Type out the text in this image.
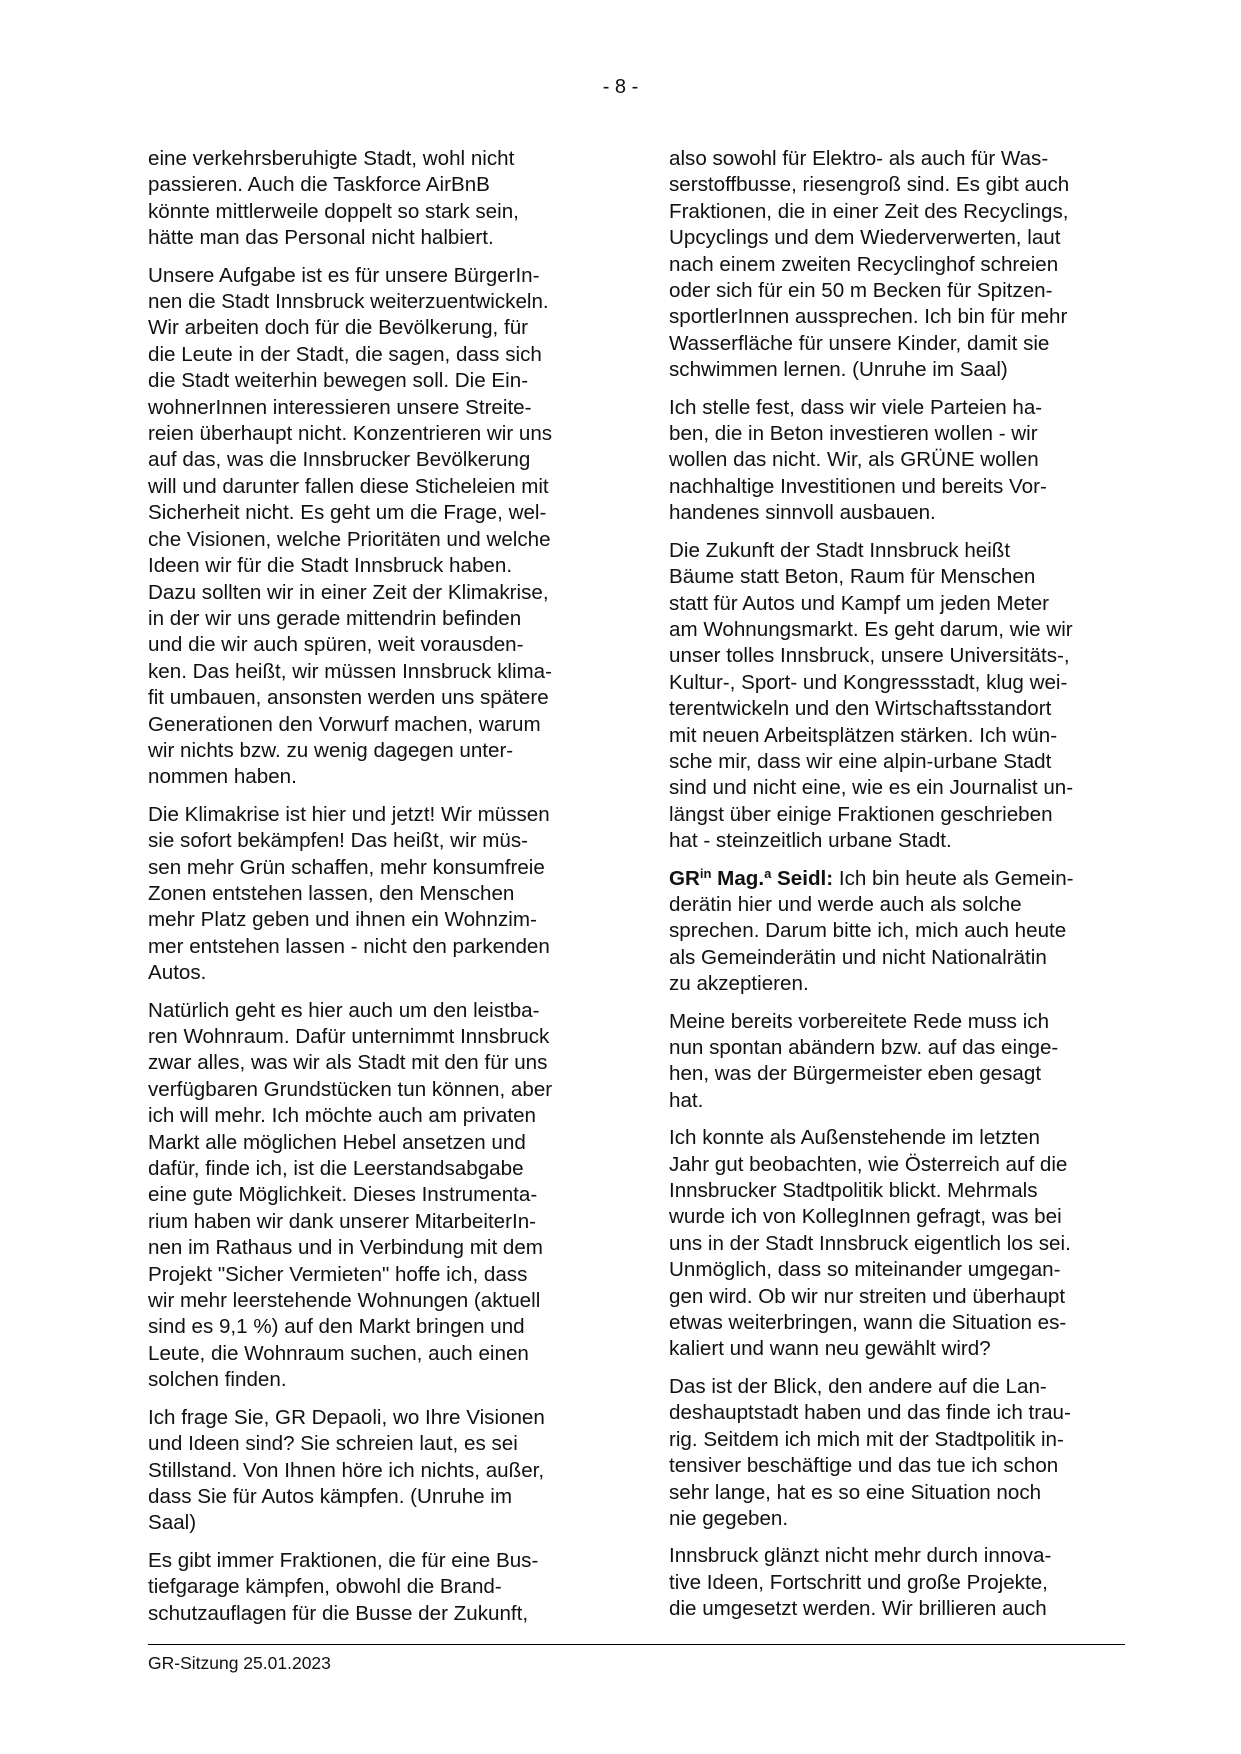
- 8 -

eine verkehrsberuhigte Stadt, wohl nicht
passieren. Auch die Taskforce AirBnB
könnte mittlerweile doppelt so stark sein,
hätte man das Personal nicht halbiert.

Unsere Aufgabe ist es für unsere BürgerIn-
nen die Stadt Innsbruck weiterzuentwickeln.
Wir arbeiten doch für die Bevölkerung, für
die Leute in der Stadt, die sagen, dass sich
die Stadt weiterhin bewegen soll. Die Ein-
wohnerInnen interessieren unsere Streite-
reien überhaupt nicht. Konzentrieren wir uns
auf das, was die Innsbrucker Bevölkerung
will und darunter fallen diese Sticheleien mit
Sicherheit nicht. Es geht um die Frage, wel-
che Visionen, welche Prioritäten und welche
Ideen wir für die Stadt Innsbruck haben.
Dazu sollten wir in einer Zeit der Klimakrise,
in der wir uns gerade mittendrin befinden
und die wir auch spüren, weit vorausden-
ken. Das heißt, wir müssen Innsbruck klima-
fit umbauen, ansonsten werden uns spätere
Generationen den Vorwurf machen, warum
wir nichts bzw. zu wenig dagegen unter-
nommen haben.

Die Klimakrise ist hier und jetzt! Wir müssen
sie sofort bekämpfen! Das heißt, wir müs-
sen mehr Grün schaffen, mehr konsumfreie
Zonen entstehen lassen, den Menschen
mehr Platz geben und ihnen ein Wohnzim-
mer entstehen lassen - nicht den parkenden
Autos.

Natürlich geht es hier auch um den leistba-
ren Wohnraum. Dafür unternimmt Innsbruck
zwar alles, was wir als Stadt mit den für uns
verfügbaren Grundstücken tun können, aber
ich will mehr. Ich möchte auch am privaten
Markt alle möglichen Hebel ansetzen und
dafür, finde ich, ist die Leerstandsabgabe
eine gute Möglichkeit. Dieses Instrumenta-
rium haben wir dank unserer MitarbeiterIn-
nen im Rathaus und in Verbindung mit dem
Projekt "Sicher Vermieten" hoffe ich, dass
wir mehr leerstehende Wohnungen (aktuell
sind es 9,1 %) auf den Markt bringen und
Leute, die Wohnraum suchen, auch einen
solchen finden.

Ich frage Sie, GR Depaoli, wo Ihre Visionen
und Ideen sind? Sie schreien laut, es sei
Stillstand. Von Ihnen höre ich nichts, außer,
dass Sie für Autos kämpfen. (Unruhe im
Saal)

Es gibt immer Fraktionen, die für eine Bus-
tiefgarage kämpfen, obwohl die Brand-
schutzauflagen für die Busse der Zukunft,

also sowohl für Elektro- als auch für Was-
serstoffbusse, riesengroß sind. Es gibt auch
Fraktionen, die in einer Zeit des Recyclings,
Upcyclings und dem Wiederverwerten, laut
nach einem zweiten Recyclinghof schreien
oder sich für ein 50 m Becken für Spitzen-
sportlerInnen aussprechen. Ich bin für mehr
Wasserfläche für unsere Kinder, damit sie
schwimmen lernen. (Unruhe im Saal)

Ich stelle fest, dass wir viele Parteien ha-
ben, die in Beton investieren wollen - wir
wollen das nicht. Wir, als GRÜNE wollen
nachhaltige Investitionen und bereits Vor-
handenes sinnvoll ausbauen.

Die Zukunft der Stadt Innsbruck heißt
Bäume statt Beton, Raum für Menschen
statt für Autos und Kampf um jeden Meter
am Wohnungsmarkt. Es geht darum, wie wir
unser tolles Innsbruck, unsere Universitäts-,
Kultur-, Sport- und Kongressstadt, klug wei-
terentwickeln und den Wirtschaftsstandort
mit neuen Arbeitsplätzen stärken. Ich wün-
sche mir, dass wir eine alpin-urbane Stadt
sind und nicht eine, wie es ein Journalist un-
längst über einige Fraktionen geschrieben
hat - steinzeitlich urbane Stadt.

$GR^{in}$ Mag.$^a$ Seidl: Ich bin heute als Gemein-
derätin hier und werde auch als solche
sprechen. Darum bitte ich, mich auch heute
als Gemeinderätin und nicht Nationalrätin
zu akzeptieren.

Meine bereits vorbereitete Rede muss ich
nun spontan abändern bzw. auf das einge-
hen, was der Bürgermeister eben gesagt
hat.

Ich konnte als Außenstehende im letzten
Jahr gut beobachten, wie Österreich auf die
Innsbrucker Stadtpolitik blickt. Mehrmals
wurde ich von KollegInnen gefragt, was bei
uns in der Stadt Innsbruck eigentlich los sei.
Unmöglich, dass so miteinander umgegan-
gen wird. Ob wir nur streiten und überhaupt
etwas weiterbringen, wann die Situation es-
kaliert und wann neu gewählt wird?

Das ist der Blick, den andere auf die Lan-
deshauptstadt haben und das finde ich trau-
rig. Seitdem ich mich mit der Stadtpolitik in-
tensiver beschäftige und das tue ich schon
sehr lange, hat es so eine Situation noch
nie gegeben.

Innsbruck glänzt nicht mehr durch innova-
tive Ideen, Fortschritt und große Projekte,
die umgesetzt werden. Wir brillieren auch

GR-Sitzung 25.01.2023
